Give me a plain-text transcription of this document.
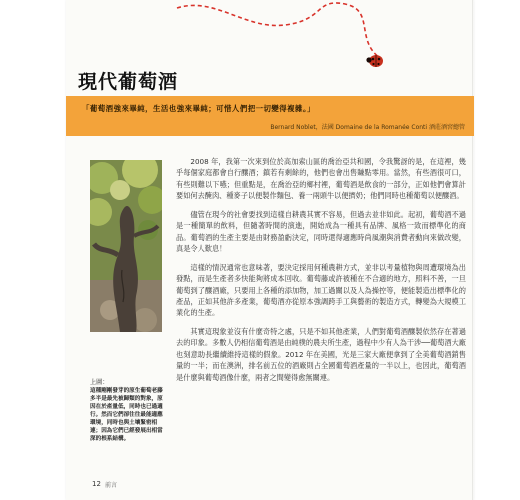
現代葡萄酒
「葡萄酒強來畢純，生活也強來畢純；可惜人們把一切變得複雜。」
Bernard Noblet，法國 Domaine de la Romanée Conti 酒莊酒窖總管
上圖：
這種剛剛發芽的原生葡萄老藤多半是最先被歸類的對象，原因在於產量低，同時也已過適行。然而它們卻往往最能適應環境，同時也與土壤緊密相連；因為它們已經發展出相當深的根系結構。

2008 年，我第一次來到位於高加索山區的喬治亞共和國，令我驚訝的是，在這裡，幾乎每個家庭都會自行釀酒；鎮若有剩餘的，他們也會出售賺點零用。當然，有些酒很可口，有些則難以下嚥；但重點是，在喬治亞的鄉村裡，葡萄酒是飲食的一部分，正如他們會算計要如何去醃肉、種麥子以便製作麵包、養一兩頭牛以便擠奶；他們同時也種葡萄以便釀酒。

儘管在現今的社會要找到這樣自耕農其實不容易，但過去並非如此。起初，葡萄酒不過是一種簡單的飲料，但隨著時間的演進，開始成為一種具有品牌、風格一致而標準化的商品。葡萄酒的生產主要是由財務盈虧決定，同時還得適應時尚風潮與消費者動向來做改變，真是令人歎息！

這樣的情況通常也意味著，要決定採用何種農耕方式，並非以考量植物與周遭環境為出發點，而是生產者多快能夠將成本回收。葡萄藤或許被種在不合適的地方，照料不善，一旦葡萄到了釀酒廠，只要用上各種的添加物，加工過關以及人為操控等，便能製造出標準化的產品，正如其他許多產業，葡萄酒亦從原本強調跨手工與藝術的製造方式，轉變為大規模工業化的生產。

其實這現象並沒有什麼奇特之處，只是不如其他產業，人們對葡萄酒釀製依然存在著過去的印象。多數人仍相信葡萄酒是由純樸的農夫所生產，過程中少有人為干涉──葡萄酒大廠也刻意助長繼續維持這樣的假象。2012 年在美國，光是三家大廠便拿到了全美葡萄酒銷售量的一半；而在澳洲，排名前五位的酒廠則占全國葡萄酒產量的一半以上，也因此，葡萄酒是什麼與葡萄酒像什麼，兩者之間變得愈無關連。

12 前言
